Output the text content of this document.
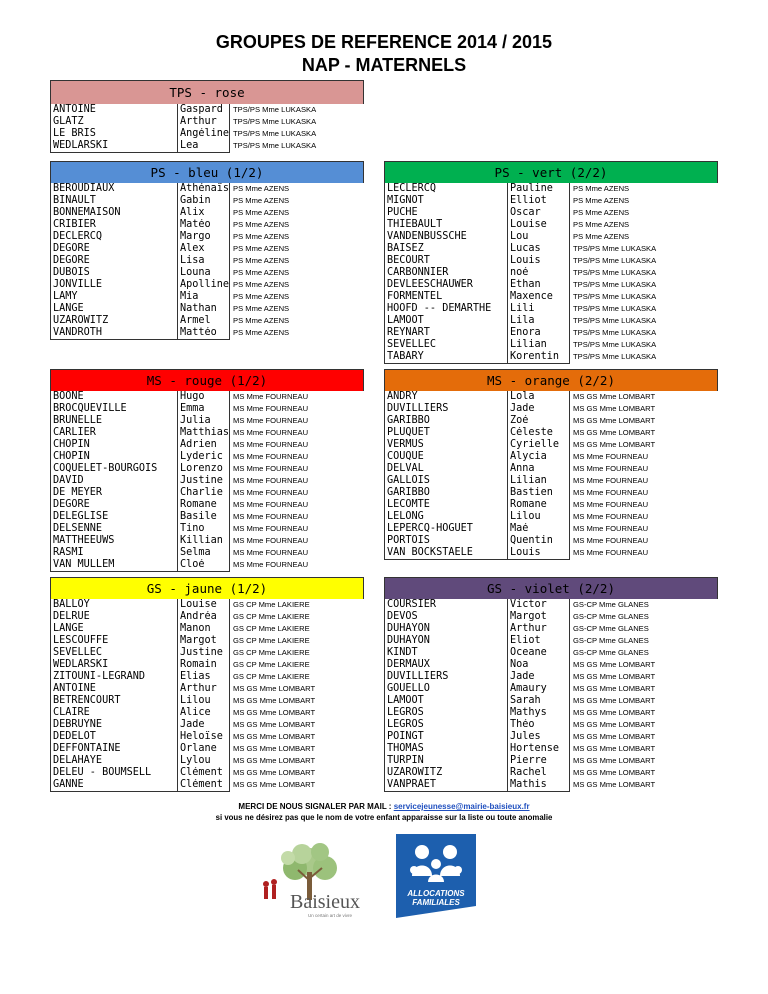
GROUPES DE REFERENCE 2014 / 2015
NAP - MATERNELS
TPS - rose
ANTOINE
GLATZ
LE BRIS
WEDLARSKI
Gaspard
Arthur
Angéline
Lea
TPS/PS Mme LUKASKA
TPS/PS Mme LUKASKA
TPS/PS Mme LUKASKA
TPS/PS Mme LUKASKA
PS - bleu (1/2)
BEROUDIAUX
BINAULT
BONNEMAISON
CRIBIER
DECLERCQ
DEGORE
DEGORE
DUBOIS
JONVILLE
LAMY
LANGE
UZAROWITZ
VANDROTH
Athénaïs
Gabin
Alix
Matéo
Margo
Alex
Lisa
Louna
Apolline
Mia
Nathan
Armel
Mattéo
PS Mme AZENS
PS Mme AZENS
PS Mme AZENS
PS Mme AZENS
PS Mme AZENS
PS Mme AZENS
PS Mme AZENS
PS Mme AZENS
PS Mme AZENS
PS Mme AZENS
PS Mme AZENS
PS Mme AZENS
PS Mme AZENS
PS - vert (2/2)
LECLERCQ
MIGNOT
PUCHE
THIEBAULT
VANDENBUSSCHE
BAISEZ
BECOURT
CARBONNIER
DEVLEESCHAUWER
FORMENTEL
HOOFD -- DEMARTHE
LAMOOT
REYNART
SEVELLEC
TABARY
Pauline
Elliot
Oscar
Louise
Lou
Lucas
Louis
noé
Ethan
Maxence
Lili
Lila
Enora
Lilian
Korentin
PS Mme AZENS
PS Mme AZENS
PS Mme AZENS
PS Mme AZENS
PS Mme AZENS
TPS/PS Mme LUKASKA
TPS/PS Mme LUKASKA
TPS/PS Mme LUKASKA
TPS/PS Mme LUKASKA
TPS/PS Mme LUKASKA
TPS/PS Mme LUKASKA
TPS/PS Mme LUKASKA
TPS/PS Mme LUKASKA
TPS/PS Mme LUKASKA
TPS/PS Mme LUKASKA
MS - rouge (1/2)
BOONE
BROCQUEVILLE
BRUNELLE
CARLIER
CHOPIN
CHOPIN
COQUELET-BOURGOIS
DAVID
DE MEYER
DEGORE
DELEGLISE
DELSENNE
MATTHEEUWS
RASMI
VAN MULLEM
Hugo
Emma
Julia
Matthias
Adrien
Lyderic
Lorenzo
Justine
Charlie
Romane
Basile
Tino
Killian
Selma
Cloé
MS Mme FOURNEAU
MS Mme FOURNEAU
MS Mme FOURNEAU
MS Mme FOURNEAU
MS Mme FOURNEAU
MS Mme FOURNEAU
MS Mme FOURNEAU
MS Mme FOURNEAU
MS Mme FOURNEAU
MS Mme FOURNEAU
MS Mme FOURNEAU
MS Mme FOURNEAU
MS Mme FOURNEAU
MS Mme FOURNEAU
MS Mme FOURNEAU
MS - orange (2/2)
ANDRY
DUVILLIERS
GARIBBO
PLUQUET
VERMUS
COUQUE
DELVAL
GALLOIS
GARIBBO
LECOMTE
LELONG
LEPERCQ-HOGUET
PORTOIS
VAN BOCKSTAELE
Lola
Jade
Zoé
Céleste
Cyrielle
Alycia
Anna
Lilian
Bastien
Romane
Lilou
Maé
Quentin
Louis
MS GS Mme LOMBART
MS GS Mme LOMBART
MS GS Mme LOMBART
MS GS Mme LOMBART
MS GS Mme LOMBART
MS Mme FOURNEAU
MS Mme FOURNEAU
MS Mme FOURNEAU
MS Mme FOURNEAU
MS Mme FOURNEAU
MS Mme FOURNEAU
MS Mme FOURNEAU
MS Mme FOURNEAU
MS Mme FOURNEAU
GS - jaune (1/2)
BALLOY
DELRUE
LANGE
LESCOUFFE
SEVELLEC
WEDLARSKI
ZITOUNI-LEGRAND
ANTOINE
BETRENCOURT
CLAIRE
DEBRUYNE
DEDELOT
DEFFONTAINE
DELAHAYE
DELEU - BOUMSELL
GANNE
Louise
Andréa
Manon
Margot
Justine
Romain
Elias
Arthur
Lilou
Alice
Jade
Heloïse
Orlane
Lylou
Clément
Clément
GS CP Mme LAKIERE
GS CP Mme LAKIERE
GS CP Mme LAKIERE
GS CP Mme LAKIERE
GS CP Mme LAKIERE
GS CP Mme LAKIERE
GS CP Mme LAKIERE
MS GS Mme LOMBART
MS GS Mme LOMBART
MS GS Mme LOMBART
MS GS Mme LOMBART
MS GS Mme LOMBART
MS GS Mme LOMBART
MS GS Mme LOMBART
MS GS Mme LOMBART
MS GS Mme LOMBART
GS - violet (2/2)
COURSIER
DEVOS
DUHAYON
DUHAYON
KINDT
DERMAUX
DUVILLIERS
GOUELLO
LAMOOT
LEGROS
LEGROS
POINGT
THOMAS
TURPIN
UZAROWITZ
VANPRAET
Victor
Margot
Arthur
Eliot
Oceane
Noa
Jade
Amaury
Sarah
Mathys
Théo
Jules
Hortense
Pierre
Rachel
Mathis
GS-CP Mme GLANES
GS-CP Mme GLANES
GS-CP Mme GLANES
GS-CP Mme GLANES
GS-CP Mme GLANES
MS GS Mme LOMBART
MS GS Mme LOMBART
MS GS Mme LOMBART
MS GS Mme LOMBART
MS GS Mme LOMBART
MS GS Mme LOMBART
MS GS Mme LOMBART
MS GS Mme LOMBART
MS GS Mme LOMBART
MS GS Mme LOMBART
MS GS Mme LOMBART
MERCI DE NOUS SIGNALER PAR MAIL : servicejeunesse@mairie-baisieux.fr
si vous ne désirez pas que le nom de votre enfant apparaisse sur la liste ou toute anomalie
Baisieux
Un certain art de vivre
ALLOCATIONS
FAMILIALES
